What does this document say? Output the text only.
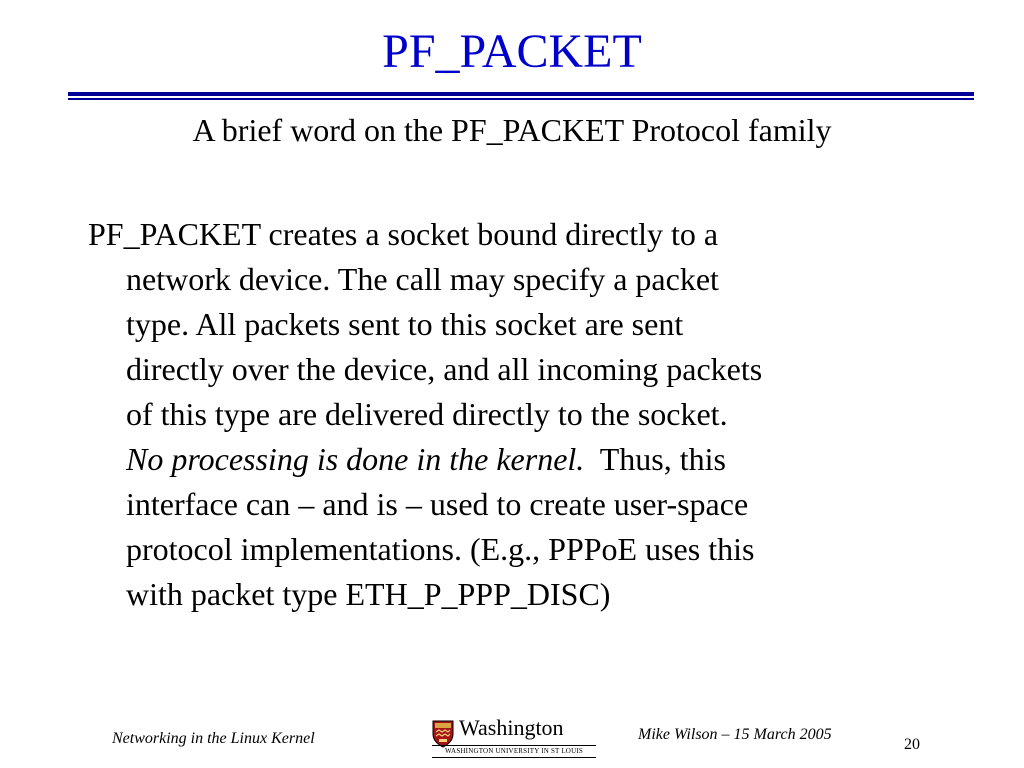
PF_PACKET
A brief word on the PF_PACKET Protocol family
PF_PACKET creates a socket bound directly to a
network device. The call may specify a packet
type. All packets sent to this socket are sent
directly over the device, and all incoming packets
of this type are delivered directly to the socket.
No processing is done in the kernel.  Thus, this
interface can – and is – used to create user-space
protocol implementations. (E.g., PPPoE uses this
with packet type ETH_P_PPP_DISC)
Networking in the Linux Kernel	Washington
WASHINGTON UNIVERSITY IN ST LOUIS
Mike Wilson – 15 March 2005
20
